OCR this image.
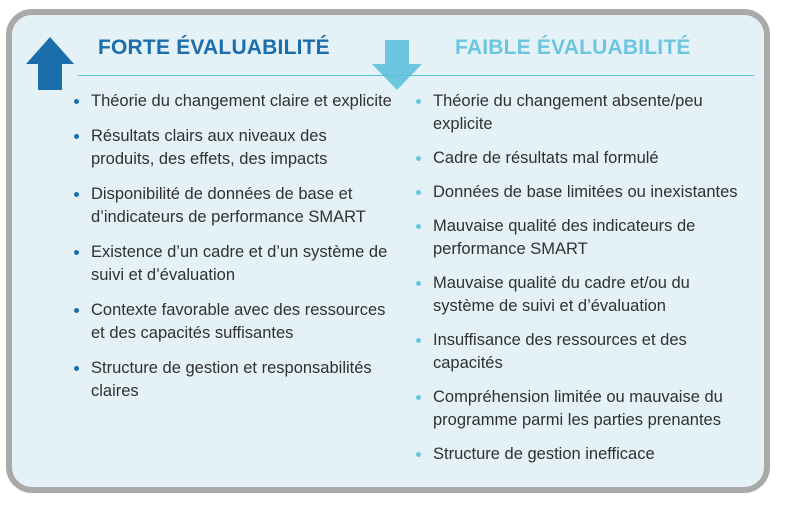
FORTE ÉVALUABILITÉ	FAIBLE ÉVALUABILITÉ
Théorie du changement claire et explicite
Résultats clairs aux niveaux des produits, des effets, des impacts
Disponibilité de données de base et d’indicateurs de performance SMART
Existence d’un cadre et d’un système de suivi et d’évaluation
Contexte favorable avec des ressources et des capacités suffisantes
Structure de gestion et responsabilités claires
Théorie du changement absente/peu explicite
Cadre de résultats mal formulé
Données de base limitées ou inexistantes
Mauvaise qualité des indicateurs de performance SMART
Mauvaise qualité du cadre et/ou du système de suivi et d’évaluation
Insuffisance des ressources et des capacités
Compréhension limitée ou mauvaise du programme parmi les parties prenantes
Structure de gestion inefficace
